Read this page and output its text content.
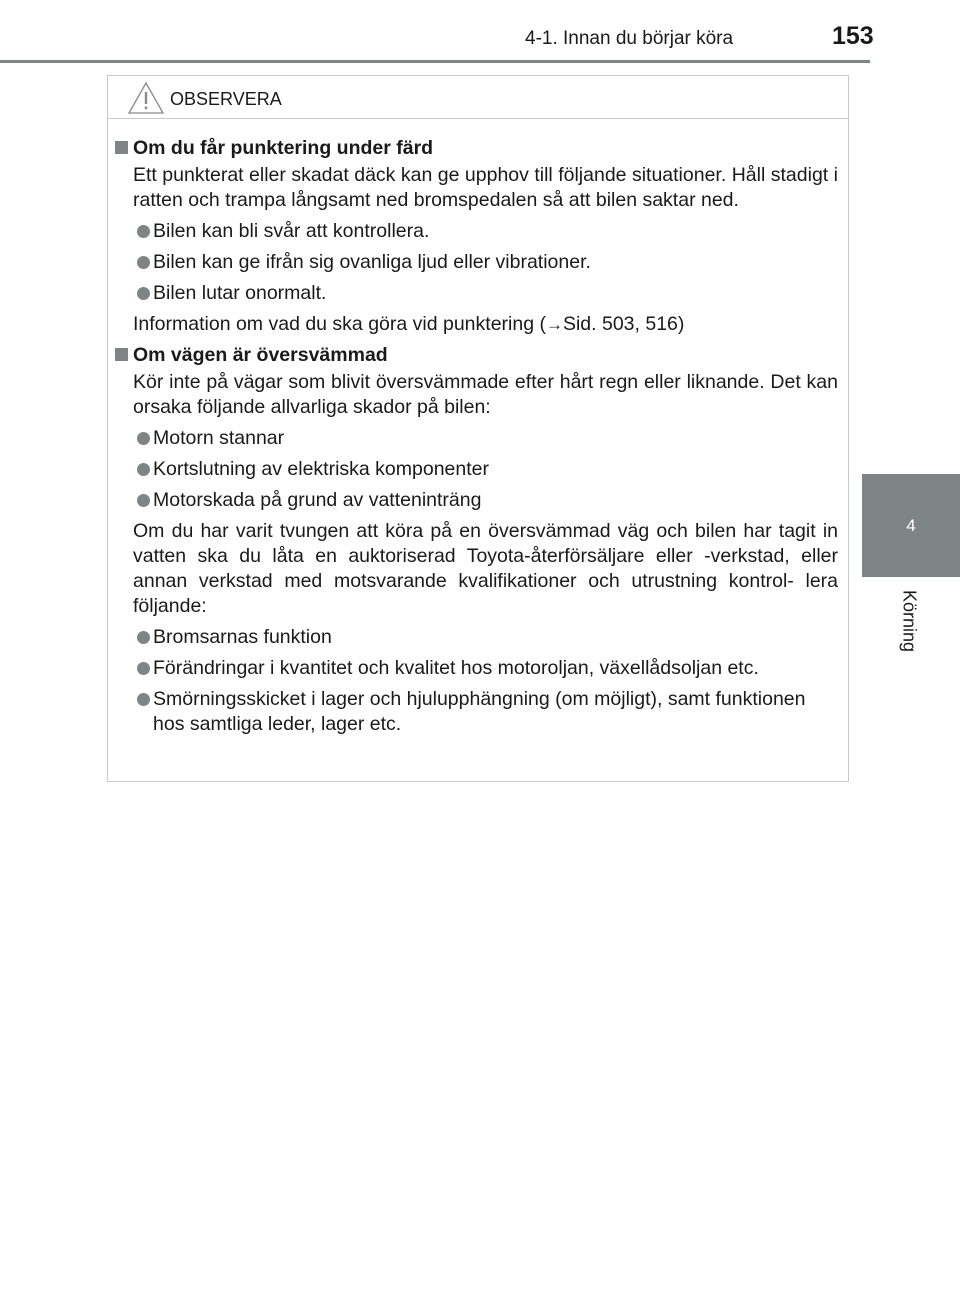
4-1. Innan du börjar köra	153
4
Körning
OBSERVERA
Om du får punktering under färd
Ett punkterat eller skadat däck kan ge upphov till följande situationer. Håll stadigt i ratten och trampa långsamt ned bromspedalen så att bilen saktar ned.
Bilen kan bli svår att kontrollera.
Bilen kan ge ifrån sig ovanliga ljud eller vibrationer.
Bilen lutar onormalt.
Information om vad du ska göra vid punktering (→Sid. 503, 516)
Om vägen är översvämmad
Kör inte på vägar som blivit översvämmade efter hårt regn eller liknande. Det kan orsaka följande allvarliga skador på bilen:
Motorn stannar
Kortslutning av elektriska komponenter
Motorskada på grund av vatteninträng
Om du har varit tvungen att köra på en översvämmad väg och bilen har tagit in vatten ska du låta en auktoriserad Toyota-återförsäljare eller -verkstad, eller annan verkstad med motsvarande kvalifikationer och utrustning kontrol- lera följande:
Bromsarnas funktion
Förändringar i kvantitet och kvalitet hos motoroljan, växellådsoljan etc.
Smörningsskicket i lager och hjulupphängning (om möjligt), samt funktionen hos samtliga leder, lager etc.
